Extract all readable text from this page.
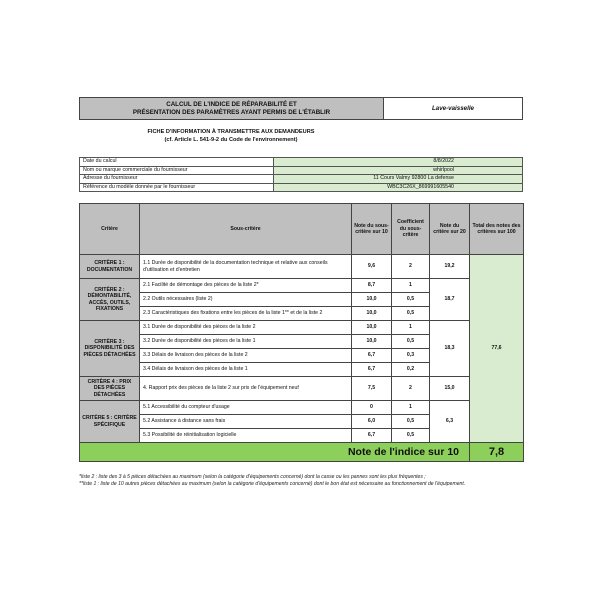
CALCUL DE L'INDICE DE RÉPARABILITÉ ET
PRÉSENTATION DES PARAMÈTRES AYANT PERMIS DE L'ÉTABLIR	Lave-vaisselle
FICHE D'INFORMATION À TRANSMETTRE AUX DEMANDEURS
(cf. Article L. 541-9-2 du Code de l'environnement)
Date du calcul	8/8/2022
Nom ou marque commerciale du fournisseur	whirlpool
Adresse du fournisseur	11 Cours Valmy 92800 La defense
Référence du modèle donnée par le fournisseur	WBC3C26X_869991605540
Critère	Sous-critère	Note du sous-critère sur 10	Coefficient du sous-critère	Note du critère sur 20	Total des notes des critères sur 100
CRITÈRE 1 : DOCUMENTATION	1.1 Durée de disponibilité de la documentation technique et relative aux conseils d'utilisation et d'entretien	9,6	2	19,2	77,6
CRITÈRE 2 : DÉMONTABILITÉ, ACCÈS, OUTILS, FIXATIONS	2.1 Facilité de démontage des pièces de la liste 2*	8,7	1	18,7	
	2.2 Outils nécessaires (liste 2)	10,0	0,5		
	2.3 Caractéristiques des fixations entre les pièces de la liste 1** et de la liste 2	10,0	0,5		
CRITÈRE 3 : DISPONIBILITÉ DES PIÈCES DÉTACHÉES	3.1 Durée de disponibilité des pièces de la liste 2	10,0	1	18,3	
	3.2 Durée de disponibilité des pièces de la liste 1	10,0	0,5		
	3.3 Délais de livraison des pièces de la liste 2	6,7	0,3		
	3.4 Délais de livraison des pièces de la liste 1	6,7	0,2		
CRITÈRE 4 : PRIX DES PIÈCES DÉTACHÉES	4. Rapport prix des pièces de la liste 2 sur prix de l'équipement neuf	7,5	2	15,0	
CRITÈRE 5 : CRITÈRE SPÉCIFIQUE	5.1 Accessibilité du compteur d'usage	0	1	6,3	
	5.2 Assistance à distance sans frais	6,0	0,5		
	5.3 Possibilité de réinitialisation logicielle	6,7	0,5		
Note de l'indice sur 10					7,8
*liste 2 : liste des 3 à 5 pièces détachées au maximum (selon la catégorie d'équipements concerné) dont la casse ou les pannes sont les plus fréquentes ;
**liste 1 : liste de 10 autres pièces détachées au maximum (selon la catégorie d'équipements concerné) dont le bon état est nécessaire au fonctionnement de l'équipement.
